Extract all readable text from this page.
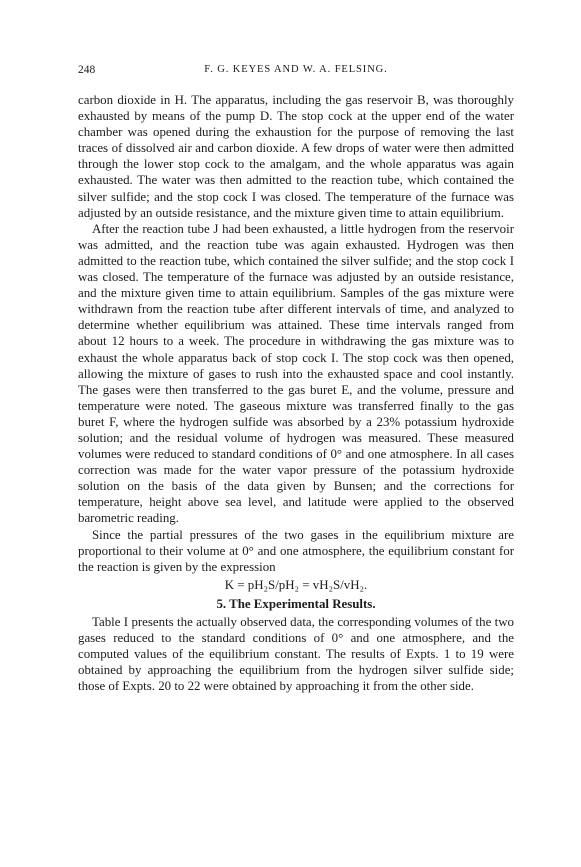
248	F. G. KEYES AND W. A. FELSING.

carbon dioxide in H. The apparatus, including the gas reservoir B, was thoroughly exhausted by means of the pump D. The stop cock at the upper end of the water chamber was opened during the exhaustion for the purpose of removing the last traces of dissolved air and carbon dioxide. A few drops of water were then admitted through the lower stop cock to the amalgam, and the whole apparatus was again exhausted. The water was then admitted to the reaction tube, which contained the silver sulfide; and the stop cock I was closed. The temperature of the furnace was adjusted by an outside resistance, and the mixture given time to attain equilibrium.

After the reaction tube J had been exhausted, a little hydrogen from the reservoir was admitted, and the reaction tube was again exhausted. Hydrogen was then admitted to the reaction tube, which contained the silver sulfide; and the stop cock I was closed. The temperature of the furnace was adjusted by an outside resistance, and the mixture given time to attain equilibrium. Samples of the gas mixture were withdrawn from the reaction tube after different intervals of time, and analyzed to determine whether equilibrium was attained. These time intervals ranged from about 12 hours to a week. The procedure in withdrawing the gas mixture was to exhaust the whole apparatus back of stop cock I. The stop cock was then opened, allowing the mixture of gases to rush into the exhausted space and cool instantly. The gases were then transferred to the gas buret E, and the volume, pressure and temperature were noted. The gaseous mixture was transferred finally to the gas buret F, where the hydrogen sulfide was absorbed by a 23% potassium hydroxide solution; and the residual volume of hydrogen was measured. These measured volumes were reduced to standard conditions of 0° and one atmosphere. In all cases correction was made for the water vapor pressure of the potassium hydroxide solution on the basis of the data given by Bunsen; and the corrections for temperature, height above sea level, and latitude were applied to the observed barometric reading.

Since the partial pressures of the two gases in the equilibrium mixture are proportional to their volume at 0° and one atmosphere, the equilibrium constant for the reaction is given by the expression

K = pH₂S/pH₂ = vH₂S/vH₂.
5. The Experimental Results.

Table I presents the actually observed data, the corresponding volumes of the two gases reduced to the standard conditions of 0° and one atmosphere, and the computed values of the equilibrium constant. The results of Expts. 1 to 19 were obtained by approaching the equilibrium from the hydrogen silver sulfide side; those of Expts. 20 to 22 were obtained by approaching it from the other side.
